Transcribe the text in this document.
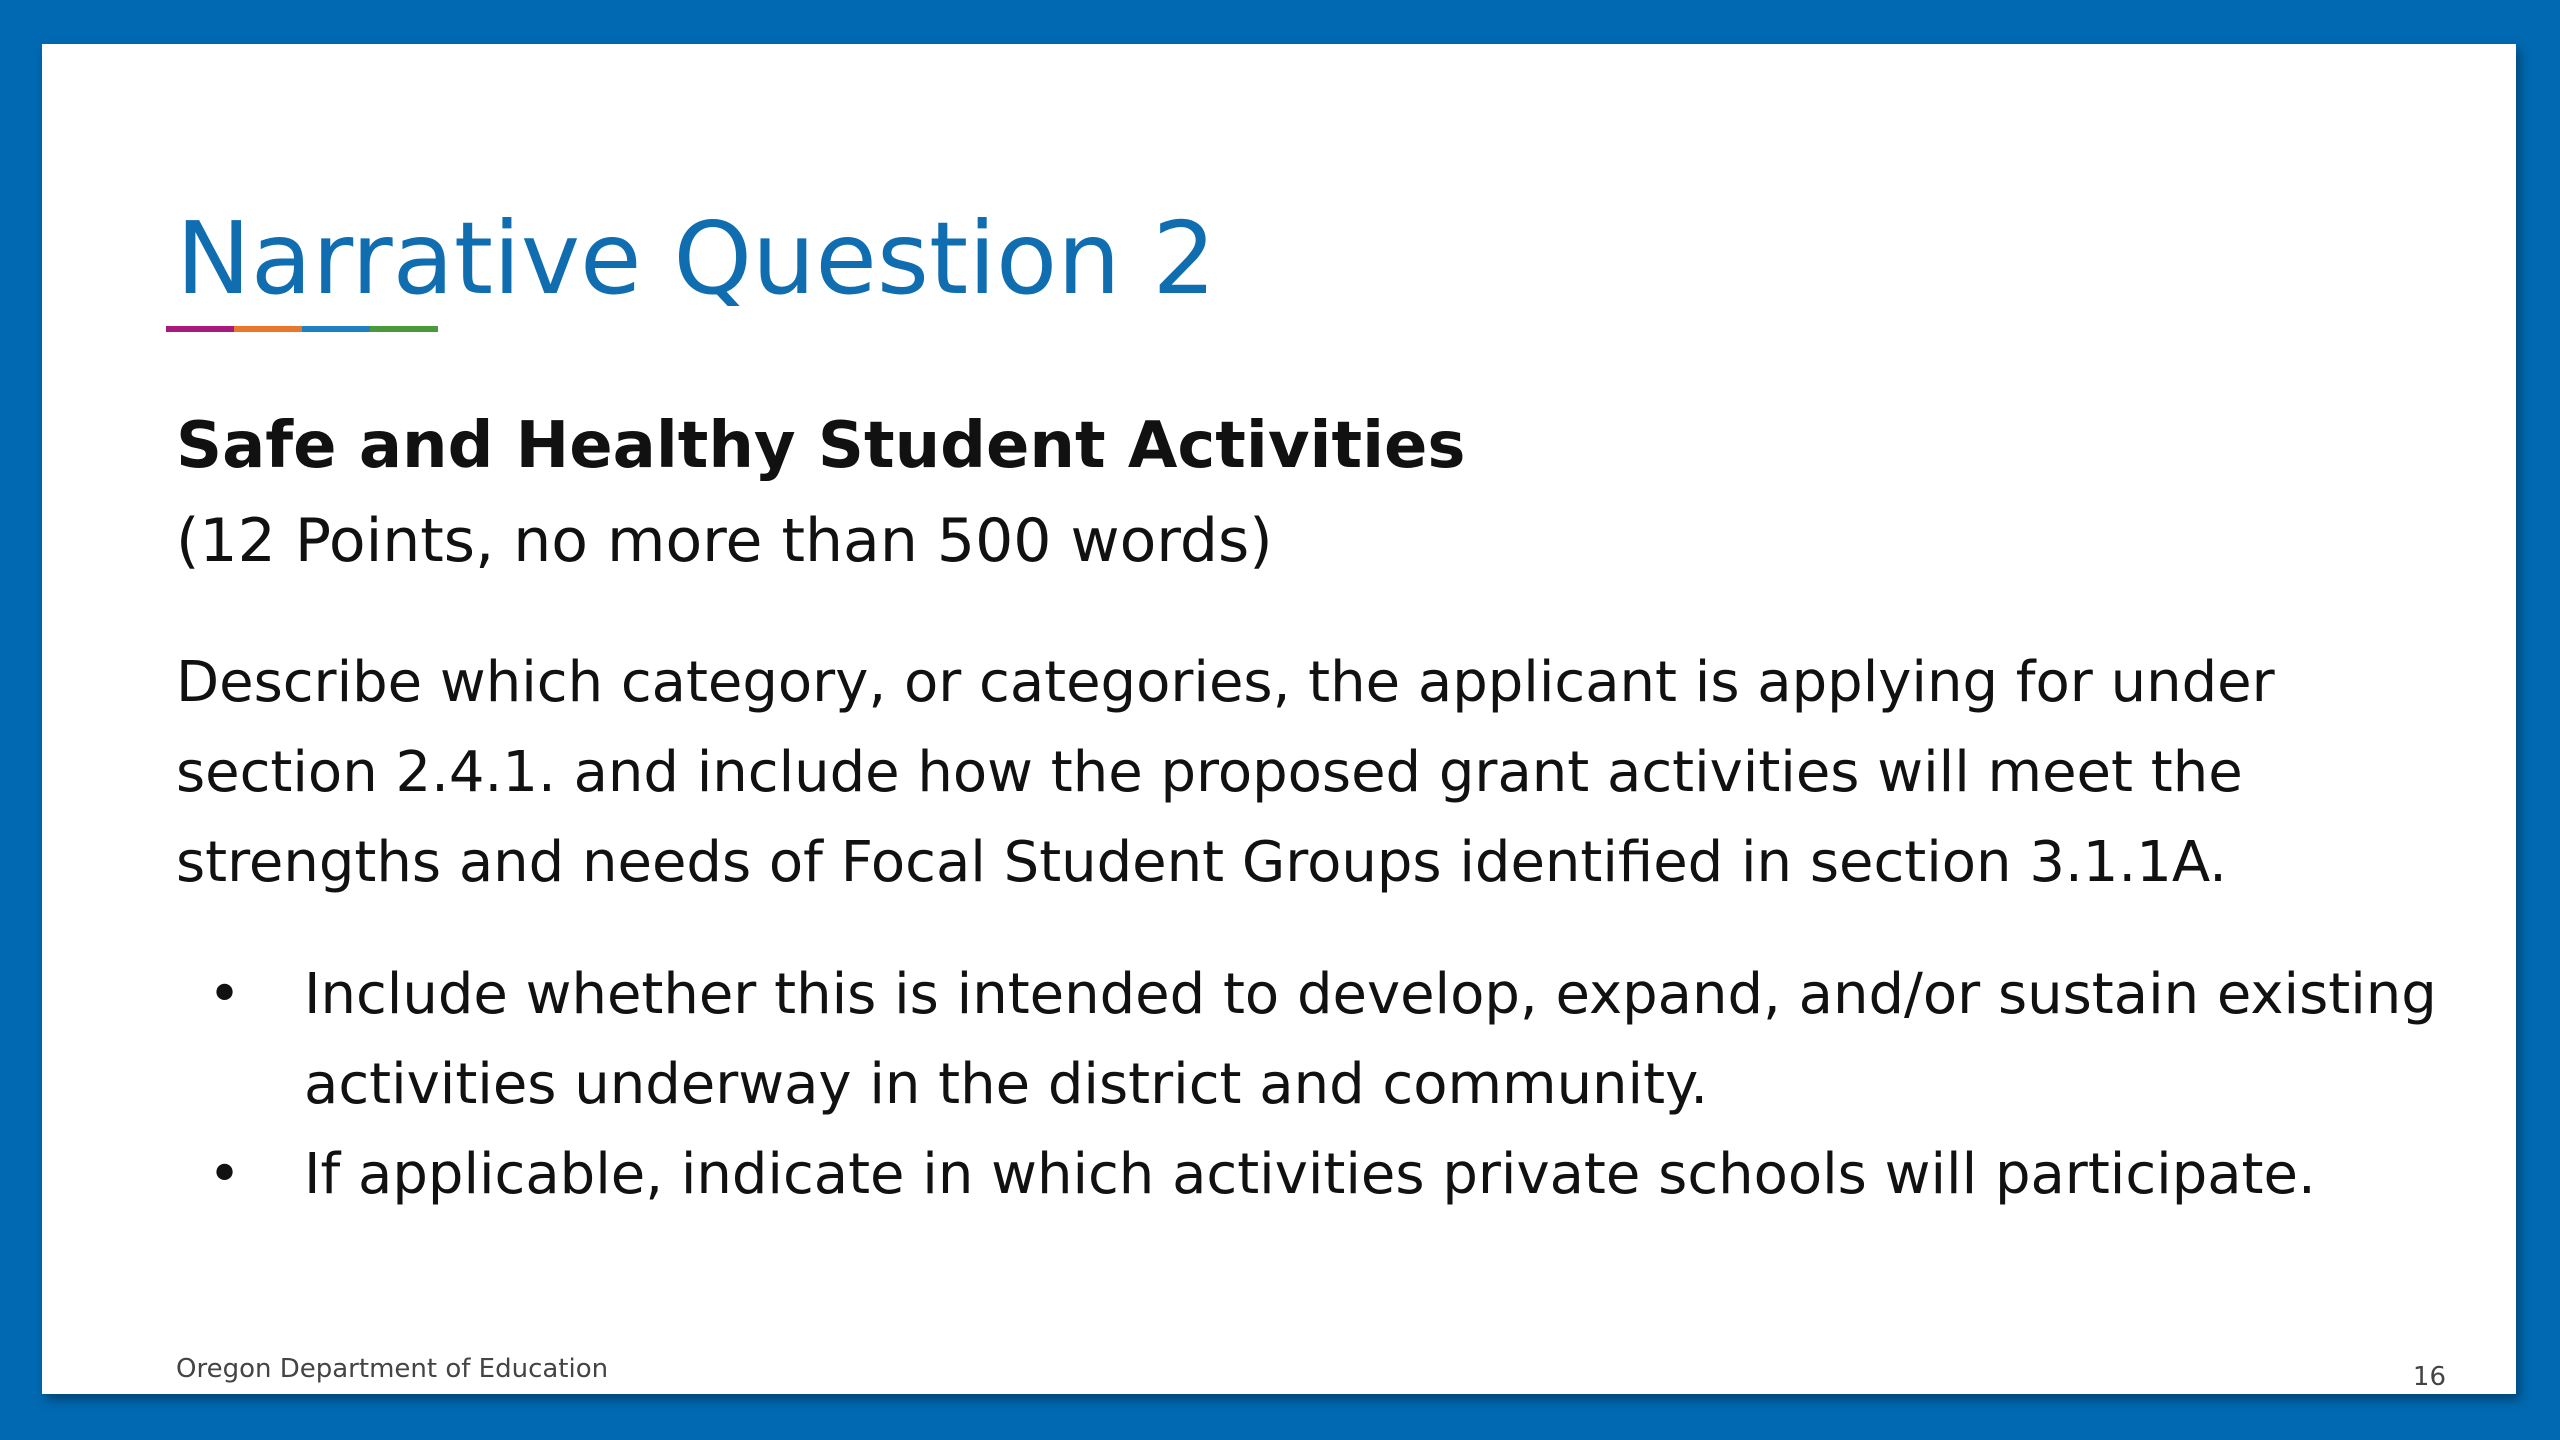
Narrative Question 2

Safe and Healthy Student Activities

(12 Points, no more than 500 words)

Describe which category, or categories, the applicant is applying for under section 2.4.1. and include how the proposed grant activities will meet the strengths and needs of Focal Student Groups identified in section 3.1.1A.

• Include whether this is intended to develop, expand, and/or sustain existing activities underway in the district and community.
• If applicable, indicate in which activities private schools will participate.

Oregon Department of Education	16
